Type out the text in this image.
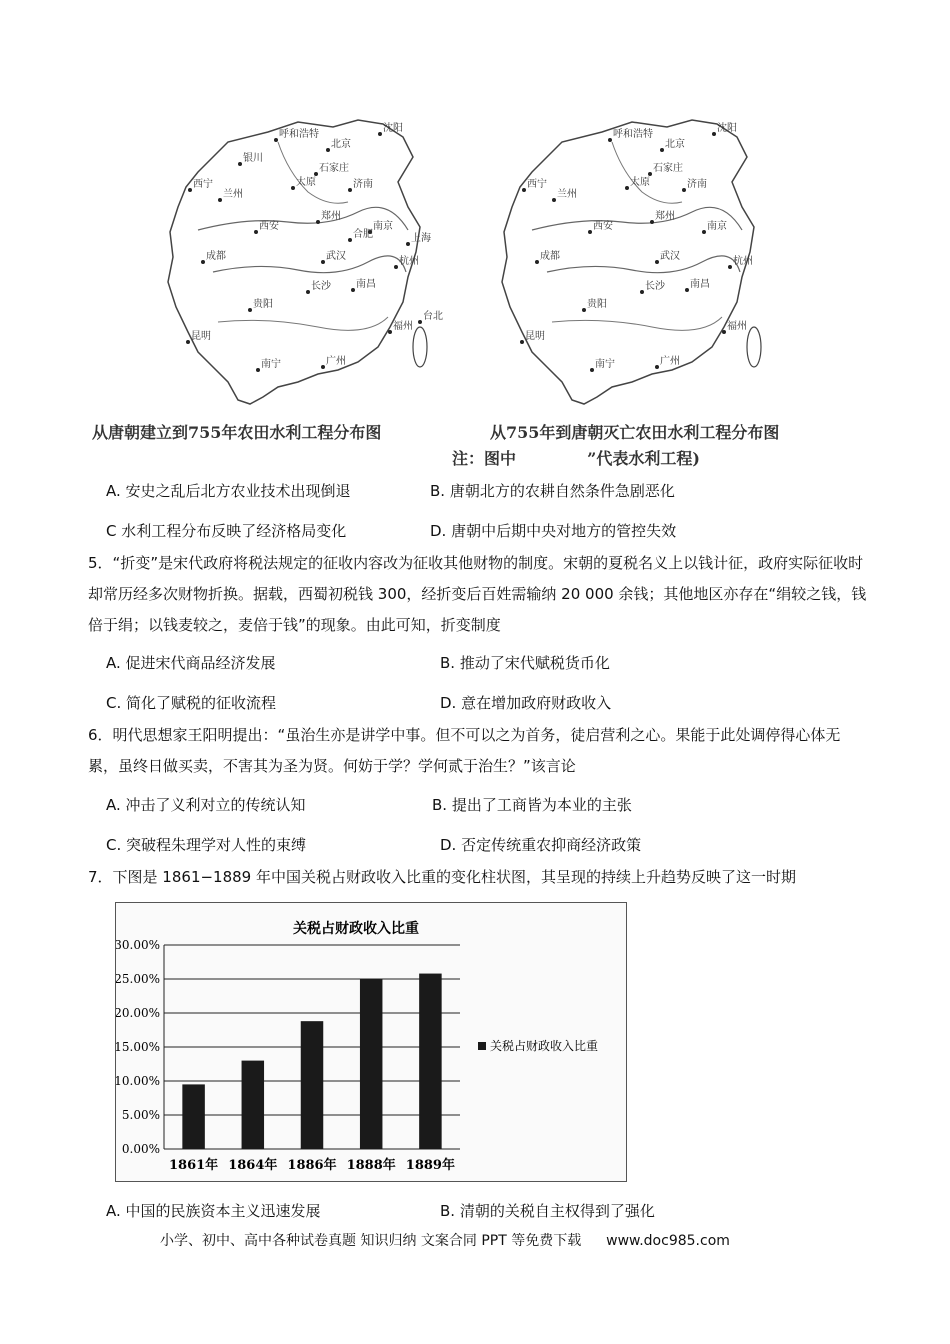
呼和浩特
沈阳
银川
北京
石家庄
太原	济南
兰州
西宁
西安
郑州
合肥
南京
上海
成都	武汉	杭州
长沙	南昌
贵阳
福州
昆明
南宁	广州
台北
呼和浩特
沈阳
北京
石家庄
太原	济南
兰州
西宁
西安
郑州
南京
成都	武汉	杭州
长沙	南昌
贵阳
福州
昆明
南宁	广州
从唐朝建立到755年农田水利工程分布图	从755年到唐朝灭亡农田水利工程分布图
注：图中	”代表水利工程)
A. 安史之乱后北方农业技术出现倒退	B. 唐朝北方的农耕自然条件急剧恶化
C 水利工程分布反映了经济格局变化	D. 唐朝中后期中央对地方的管控失效
5．“折变”是宋代政府将税法规定的征收内容改为征收其他财物的制度。宋朝的夏税名义上以钱计征，政府实际征收时却常历经多次财物折换。据载，西蜀初税钱 300，经折变后百姓需输纳 20 000 余钱；其他地区亦存在“绢较之钱，钱倍于绢；以钱麦较之，麦倍于钱”的现象。由此可知，折变制度
A. 促进宋代商品经济发展	B. 推动了宋代赋税货币化
C. 简化了赋税的征收流程	D. 意在增加政府财政收入
6．明代思想家王阳明提出：“虽治生亦是讲学中事。但不可以之为首务，徒启营利之心。果能于此处调停得心体无累，虽终日做买卖，不害其为圣为贤。何妨于学？学何贰于治生？”该言论
A. 冲击了义利对立的传统认知	B. 提出了工商皆为本业的主张
C. 突破程朱理学对人性的束缚	D. 否定传统重农抑商经济政策
7．下图是 1861−1889 年中国关税占财政收入比重的变化柱状图，其呈现的持续上升趋势反映了这一时期
关税占财政收入比重
0.00%
5.00%
10.00%
15.00%
20.00%
25.00%
30.00%
1861年 1864年 1886年 1888年 1889年
关税占财政收入比重
A. 中国的民族资本主义迅速发展	B. 清朝的关税自主权得到了强化
小学、初中、高中各种试卷真题 知识归纳 文案合同 PPT 等免费下载 www.doc985.com
